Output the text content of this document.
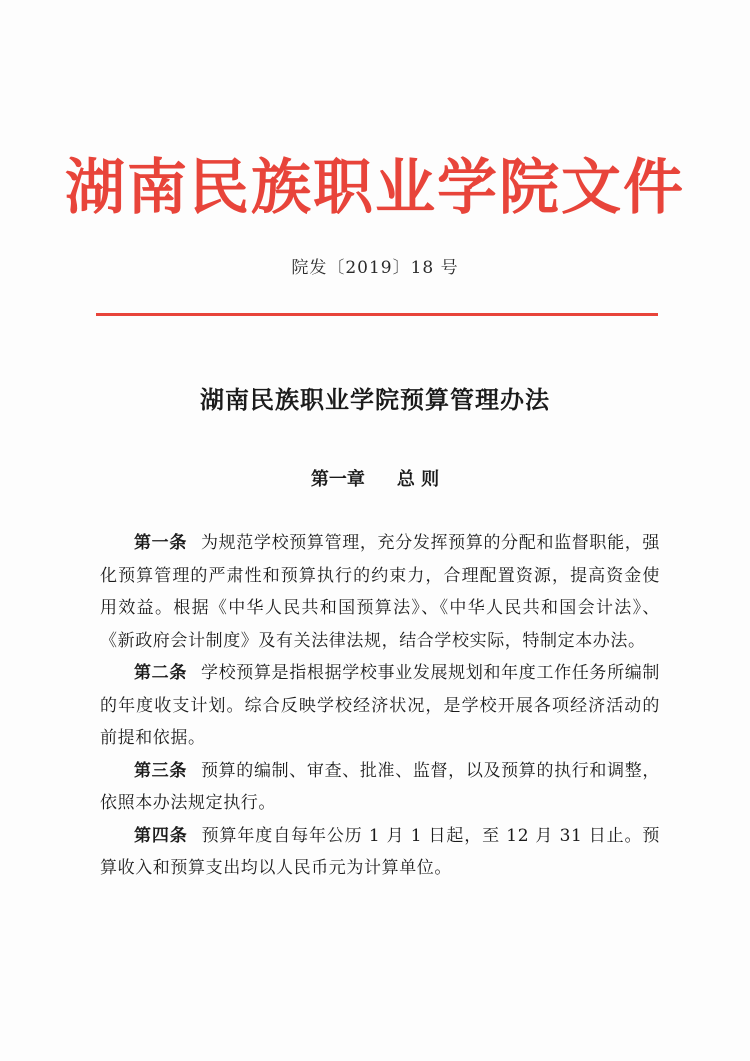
湖南民族职业学院文件
院发〔2019〕18 号
湖南民族职业学院预算管理办法
第一章 总 则

第一条 为规范学校预算管理，充分发挥预算的分配和监督职能，强化预算管理的严肃性和预算执行的约束力，合理配置资源，提高资金使用效益。根据《中华人民共和国预算法》、《中华人民共和国会计法》、《新政府会计制度》及有关法律法规，结合学校实际，特制定本办法。

第二条 学校预算是指根据学校事业发展规划和年度工作任务所编制的年度收支计划。综合反映学校经济状况，是学校开展各项经济活动的前提和依据。

第三条 预算的编制、审查、批准、监督，以及预算的执行和调整，依照本办法规定执行。

第四条 预算年度自每年公历 1 月 1 日起，至 12 月 31 日止。预算收入和预算支出均以人民币元为计算单位。
